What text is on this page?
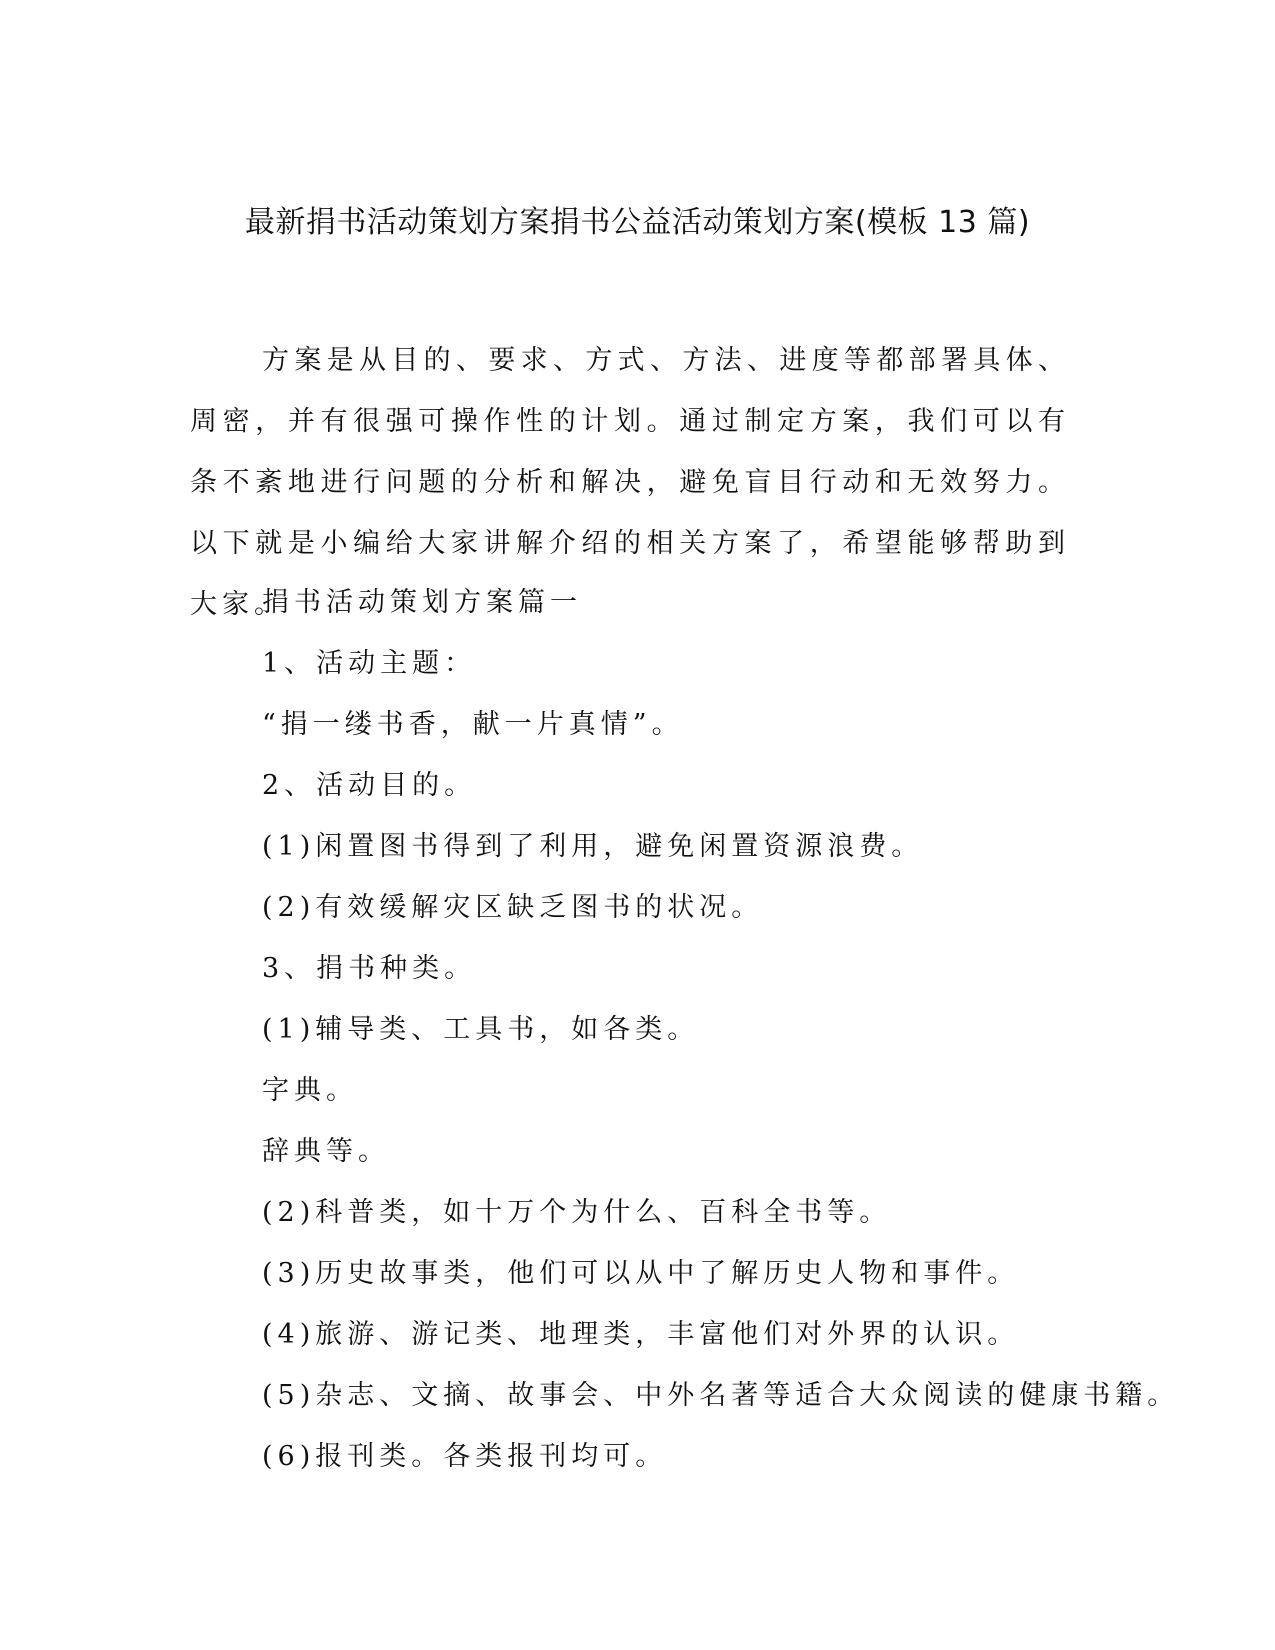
最新捐书活动策划方案捐书公益活动策划方案(模板 13 篇)

方案是从目的、要求、方式、方法、进度等都部署具体、周密，并有很强可操作性的计划。通过制定方案，我们可以有条不紊地进行问题的分析和解决，避免盲目行动和无效努力。以下就是小编给大家讲解介绍的相关方案了，希望能够帮助到大家。

捐书活动策划方案篇一
1、活动主题：
“捐一缕书香，献一片真情”。
2、活动目的。
(1)闲置图书得到了利用，避免闲置资源浪费。
(2)有效缓解灾区缺乏图书的状况。
3、捐书种类。
(1)辅导类、工具书，如各类。
字典。
辞典等。
(2)科普类，如十万个为什么、百科全书等。
(3)历史故事类，他们可以从中了解历史人物和事件。
(4)旅游、游记类、地理类，丰富他们对外界的认识。
(5)杂志、文摘、故事会、中外名著等适合大众阅读的健康书籍。
(6)报刊类。各类报刊均可。
